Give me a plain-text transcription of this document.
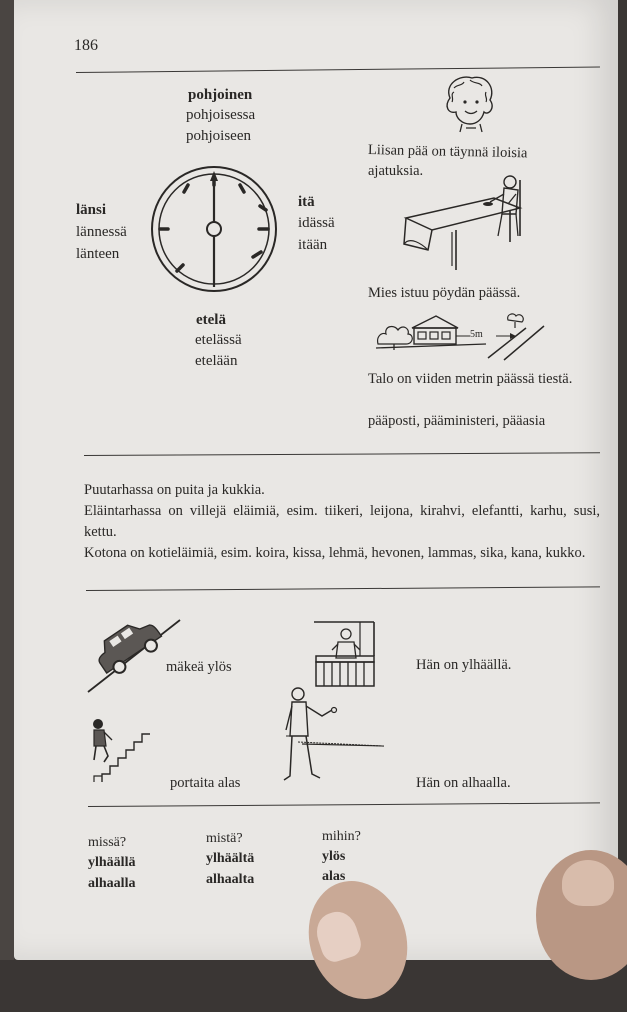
186
pohjoinen
pohjoisessa
pohjoiseen
itä
idässä
itään
länsi
lännessä
länteen
etelä
etelässä
etelään
Liisan pää on täynnä iloisia
ajatuksia.
Mies istuu pöydän päässä.
5m
Talo on viiden metrin päässä tiestä.
pääposti, pääministeri, pääasia

Puutarhassa on puita ja kukkia.

Eläintarhassa on villejä eläimiä, esim. tiikeri, leijona, kirahvi, elefantti, karhu, susi, kettu.

Kotona on kotieläimiä, esim. koira, kissa, lehmä, hevonen, lammas, sika, kana, kukko.

mäkeä ylös	Hän on ylhäällä.
portaita alas	Hän on alhaalla.
missä?
ylhäällä
alhaalla
mistä?
ylhäältä
alhaalta
mihin?
ylös
alas
